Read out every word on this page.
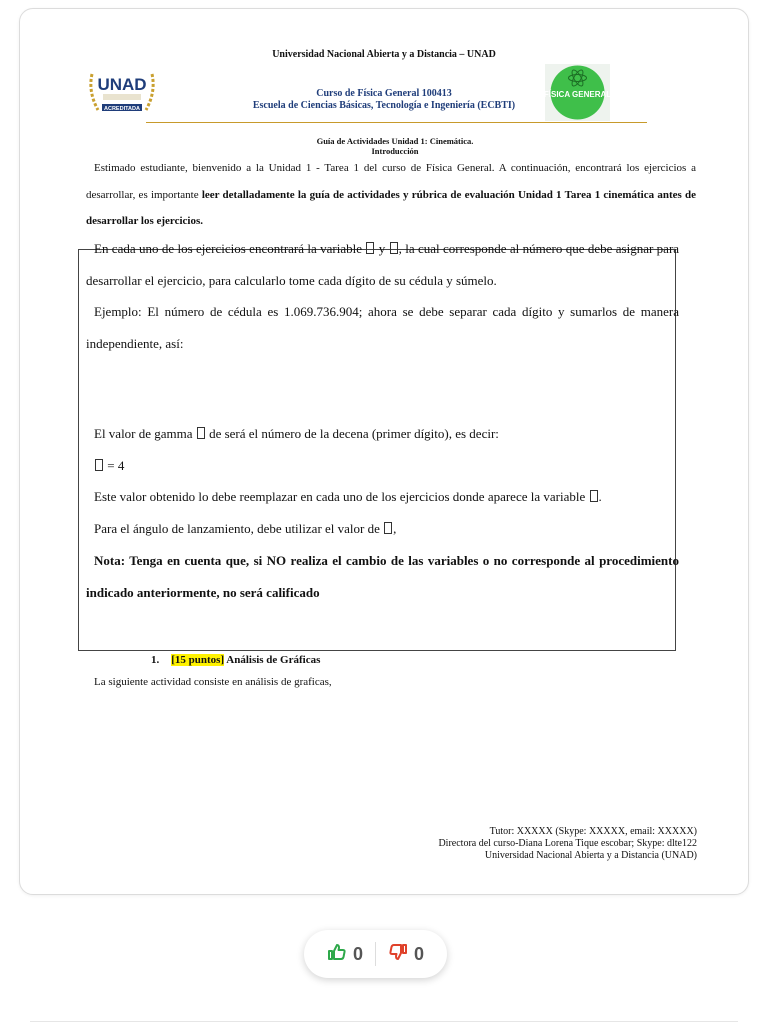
Universidad Nacional Abierta y a Distancia – UNAD
UNAD
ACREDITADA
FÍSICA GENERAL
Curso de Física General 100413
Escuela de Ciencias Básicas, Tecnología e Ingeniería (ECBTI)
Guía de Actividades Unidad 1: Cinemática.
Introducción
Estimado estudiante, bienvenido a la Unidad 1 - Tarea 1 del curso de Física General. A continuación, encontrará los ejercicios a desarrollar, es importante leer detalladamente la guía de actividades y rúbrica de evaluación Unidad 1 Tarea 1 cinemática antes de desarrollar los ejercicios.
En cada uno de los ejercicios encontrará la variable y , la cual corresponde al número que debe asignar para desarrollar el ejercicio, para calcularlo tome cada dígito de su cédula y súmelo.
Ejemplo: El número de cédula es 1.069.736.904; ahora se debe separar cada dígito y sumarlos de manera independiente, así:
El valor de gamma de será el número de la decena (primer dígito), es decir:
= 4
Este valor obtenido lo debe reemplazar en cada uno de los ejercicios donde aparece la variable .
Para el ángulo de lanzamiento, debe utilizar el valor de ,
Nota: Tenga en cuenta que, si NO realiza el cambio de las variables o no corresponde al procedimiento indicado anteriormente, no será calificado
1. [15 puntos] Análisis de Gráficas
La siguiente actividad consiste en análisis de graficas,
Tutor: XXXXX (Skype: XXXXX, email: XXXXX)
Directora del curso-Diana Lorena Tique escobar; Skype: dlte122
Universidad Nacional Abierta y a Distancia (UNAD)
0	0
